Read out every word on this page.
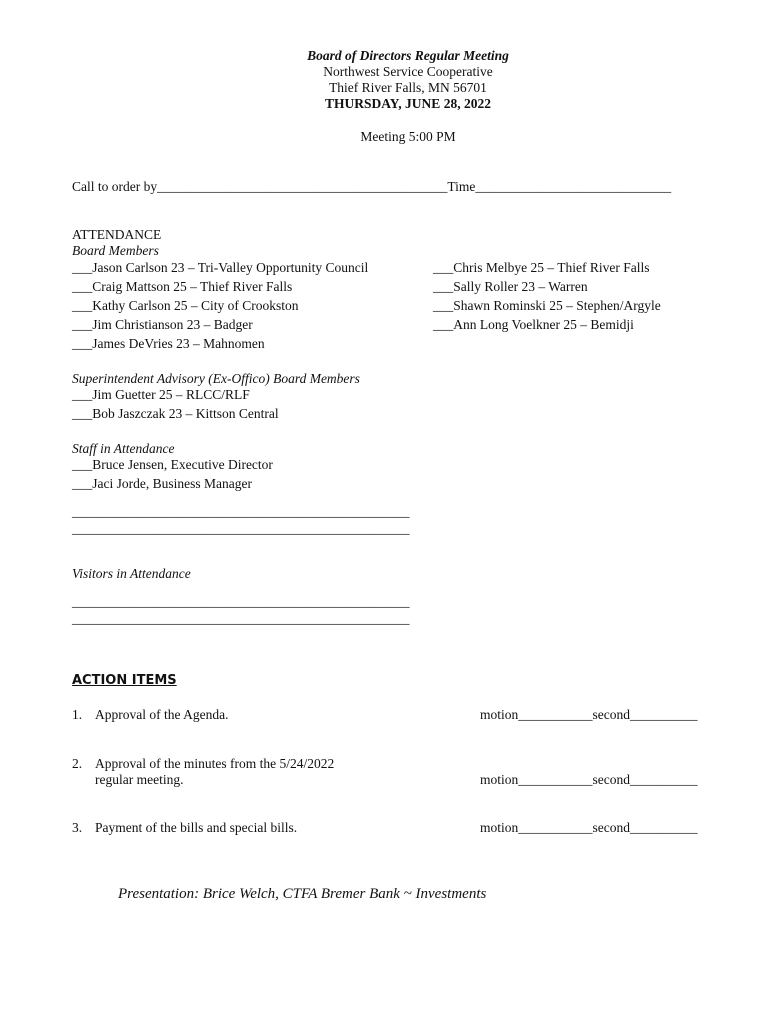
Board of Directors Regular Meeting
Northwest Service Cooperative
Thief River Falls, MN 56701
THURSDAY, JUNE 28, 2022
Meeting 5:00 PM
Call to order by___________________________________________Time_____________________________
ATTENDANCE
Board Members
___Jason Carlson 23 – Tri-Valley Opportunity Council
___Craig Mattson 25 – Thief River Falls
___Kathy Carlson 25 – City of Crookston
___Jim Christianson 23 – Badger
___James DeVries 23 – Mahnomen
___Chris Melbye 25 – Thief River Falls
___Sally Roller 23 – Warren
___Shawn Rominski 25 – Stephen/Argyle
___Ann Long Voelkner 25 – Bemidji
Superintendent Advisory (Ex-Offico) Board Members
___Jim Guetter 25 – RLCC/RLF
___Bob Jaszczak 23 – Kittson Central
Staff in Attendance
___Bruce Jensen, Executive Director
___Jaci Jorde, Business Manager
__________________________________________________
__________________________________________________
Visitors in Attendance
__________________________________________________
__________________________________________________
ACTION ITEMS
1. Approval of the Agenda.	motion___________second__________
2. Approval of the minutes from the 5/24/2022
regular meeting.	motion___________second__________
3. Payment of the bills and special bills.	motion___________second__________
Presentation: Brice Welch, CTFA Bremer Bank ~ Investments
